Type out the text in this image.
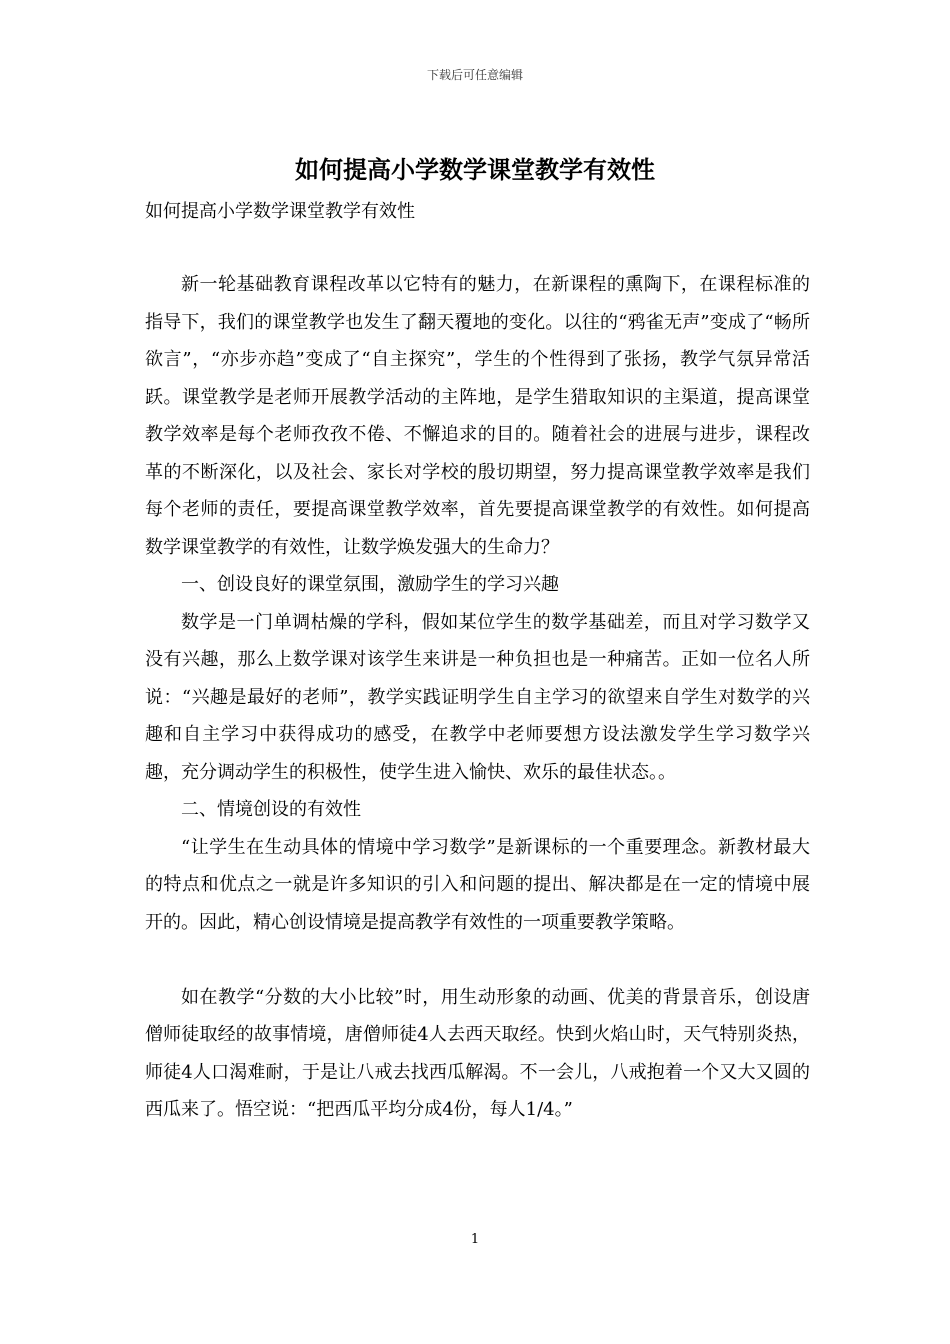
下载后可任意编辑
如何提高小学数学课堂教学有效性
如何提高小学数学课堂教学有效性

新一轮基础教育课程改革以它特有的魅力，在新课程的熏陶下，在课程标准的指导下，我们的课堂教学也发生了翻天覆地的变化。以往的“鸦雀无声”变成了“畅所欲言”，“亦步亦趋”变成了“自主探究”，学生的个性得到了张扬，教学气氛异常活跃。课堂教学是老师开展教学活动的主阵地，是学生猎取知识的主渠道，提高课堂教学效率是每个老师孜孜不倦、不懈追求的目的。随着社会的进展与进步，课程改革的不断深化，以及社会、家长对学校的殷切期望，努力提高课堂教学效率是我们每个老师的责任，要提高课堂教学效率，首先要提高课堂教学的有效性。如何提高数学课堂教学的有效性，让数学焕发强大的生命力？

一、创设良好的课堂氛围，激励学生的学习兴趣

数学是一门单调枯燥的学科，假如某位学生的数学基础差，而且对学习数学又没有兴趣，那么上数学课对该学生来讲是一种负担也是一种痛苦。正如一位名人所说：“兴趣是最好的老师”，教学实践证明学生自主学习的欲望来自学生对数学的兴趣和自主学习中获得成功的感受，在教学中老师要想方设法激发学生学习数学兴趣，充分调动学生的积极性，使学生进入愉快、欢乐的最佳状态。。

二、情境创设的有效性

“让学生在生动具体的情境中学习数学”是新课标的一个重要理念。新教材最大的特点和优点之一就是许多知识的引入和问题的提出、解决都是在一定的情境中展开的。因此，精心创设情境是提高教学有效性的一项重要教学策略。

如在教学“分数的大小比较”时，用生动形象的动画、优美的背景音乐，创设唐僧师徒取经的故事情境，唐僧师徒4人去西天取经。快到火焰山时，天气特别炎热，师徒4人口渴难耐，于是让八戒去找西瓜解渴。不一会儿，八戒抱着一个又大又圆的西瓜来了。悟空说：“把西瓜平均分成4份，每人1/4。”

1
